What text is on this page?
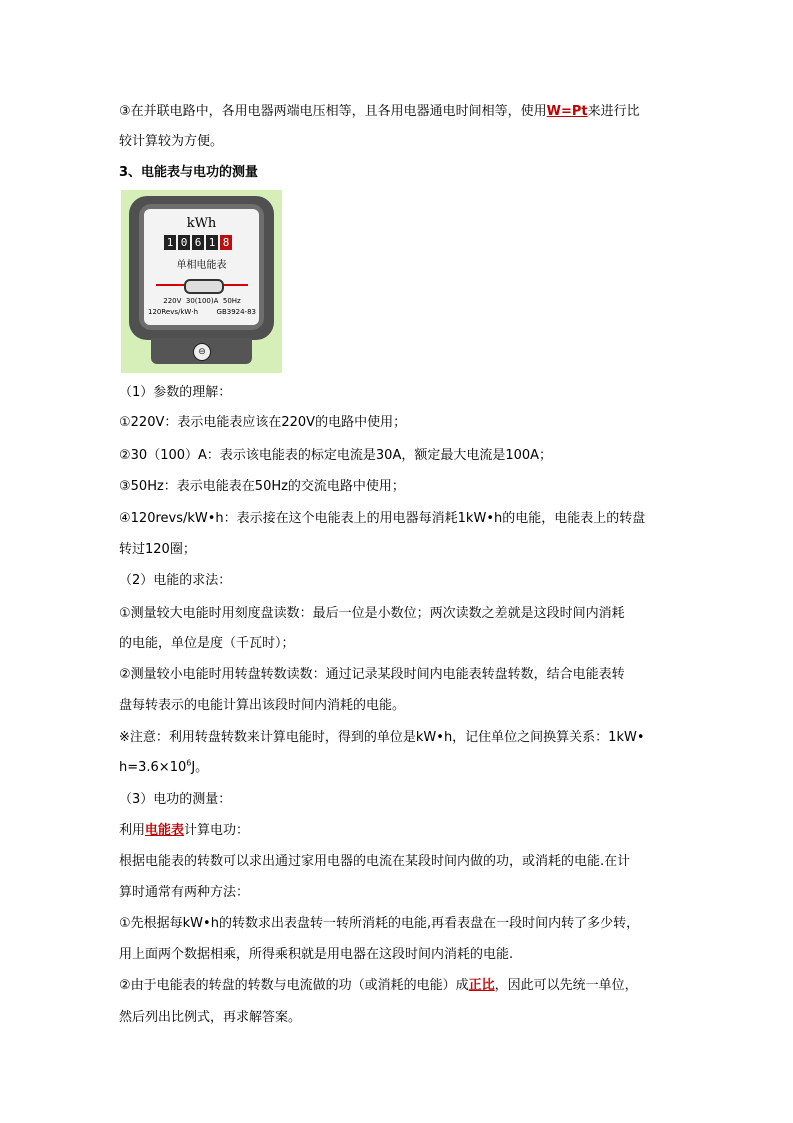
③在并联电路中，各用电器两端电压相等，且各用电器通电时间相等，使用W=Pt来进行比
较计算较为方便。
3、电能表与电功的测量
kWh
1 0 6 1 8
单相电能表
220V 30(100)A 50Hz
120Revs/kW·h	GB3924-83
⊖
（1）参数的理解：
①220V：表示电能表应该在220V的电路中使用；
②30（100）A：表示该电能表的标定电流是30A，额定最大电流是100A；
③50Hz：表示电能表在50Hz的交流电路中使用；
④120revs/kW•h：表示接在这个电能表上的用电器每消耗1kW•h的电能，电能表上的转盘
转过120圈；
（2）电能的求法：
①测量较大电能时用刻度盘读数：最后一位是小数位；两次读数之差就是这段时间内消耗
的电能，单位是度（千瓦时）；
②测量较小电能时用转盘转数读数：通过记录某段时间内电能表转盘转数，结合电能表转
盘每转表示的电能计算出该段时间内消耗的电能。
※注意：利用转盘转数来计算电能时，得到的单位是kW•h，记住单位之间换算关系：1kW•
$h=3.6\times 10^6J$。
（3）电功的测量：
利用电能表计算电功：
根据电能表的转数可以求出通过家用电器的电流在某段时间内做的功，或消耗的电能.在计
算时通常有两种方法：
①先根据每kW•h的转数求出表盘转一转所消耗的电能,再看表盘在一段时间内转了多少转，
用上面两个数据相乘，所得乘积就是用电器在这段时间内消耗的电能.
②由于电能表的转盘的转数与电流做的功（或消耗的电能）成正比，因此可以先统一单位，
然后列出比例式，再求解答案。
